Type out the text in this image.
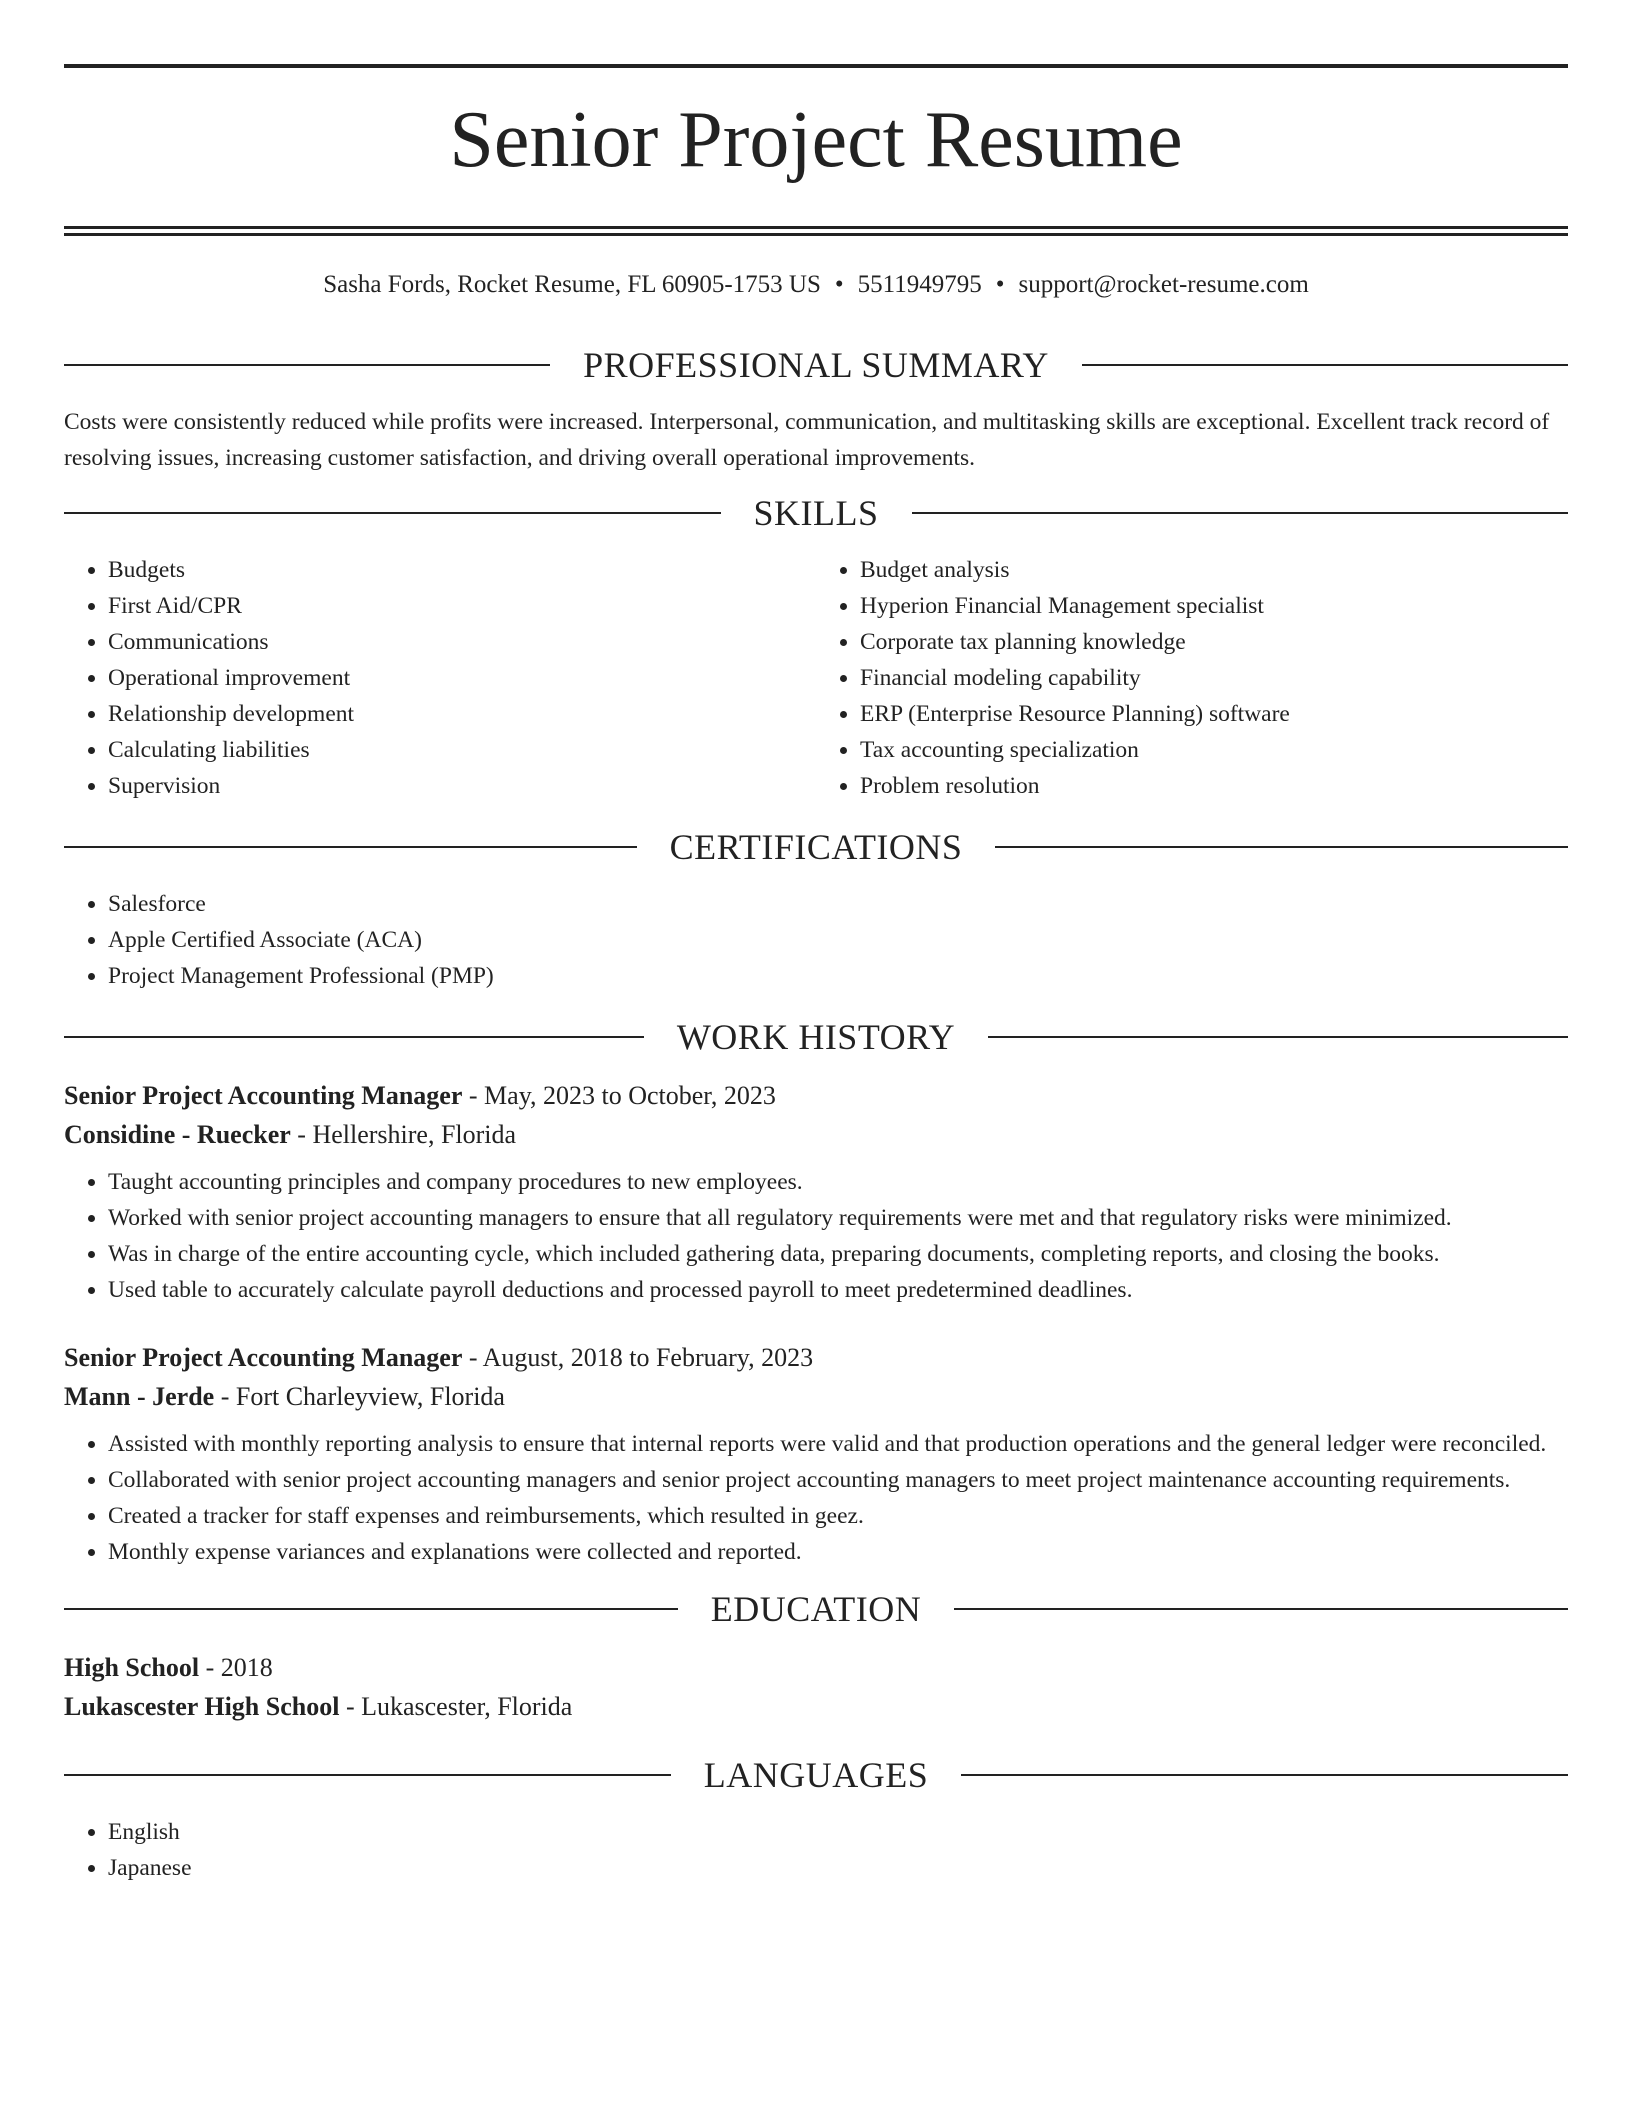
Senior Project Resume
Sasha Fords, Rocket Resume, FL 60905-1753 US • 5511949795 • support@rocket-resume.com
PROFESSIONAL SUMMARY
Costs were consistently reduced while profits were increased. Interpersonal, communication, and multitasking skills are exceptional. Excellent track record of resolving issues, increasing customer satisfaction, and driving overall operational improvements.
SKILLS
• Budgets
• First Aid/CPR
• Communications
• Operational improvement
• Relationship development
• Calculating liabilities
• Supervision
• Budget analysis
• Hyperion Financial Management specialist
• Corporate tax planning knowledge
• Financial modeling capability
• ERP (Enterprise Resource Planning) software
• Tax accounting specialization
• Problem resolution
CERTIFICATIONS
• Salesforce
• Apple Certified Associate (ACA)
• Project Management Professional (PMP)
WORK HISTORY
Senior Project Accounting Manager - May, 2023 to October, 2023
Considine - Ruecker - Hellershire, Florida
• Taught accounting principles and company procedures to new employees.
• Worked with senior project accounting managers to ensure that all regulatory requirements were met and that regulatory risks were minimized.
• Was in charge of the entire accounting cycle, which included gathering data, preparing documents, completing reports, and closing the books.
• Used table to accurately calculate payroll deductions and processed payroll to meet predetermined deadlines.
Senior Project Accounting Manager - August, 2018 to February, 2023
Mann - Jerde - Fort Charleyview, Florida
• Assisted with monthly reporting analysis to ensure that internal reports were valid and that production operations and the general ledger were reconciled.
• Collaborated with senior project accounting managers and senior project accounting managers to meet project maintenance accounting requirements.
• Created a tracker for staff expenses and reimbursements, which resulted in geez.
• Monthly expense variances and explanations were collected and reported.
EDUCATION
High School - 2018
Lukascester High School - Lukascester, Florida
LANGUAGES
• English
• Japanese
